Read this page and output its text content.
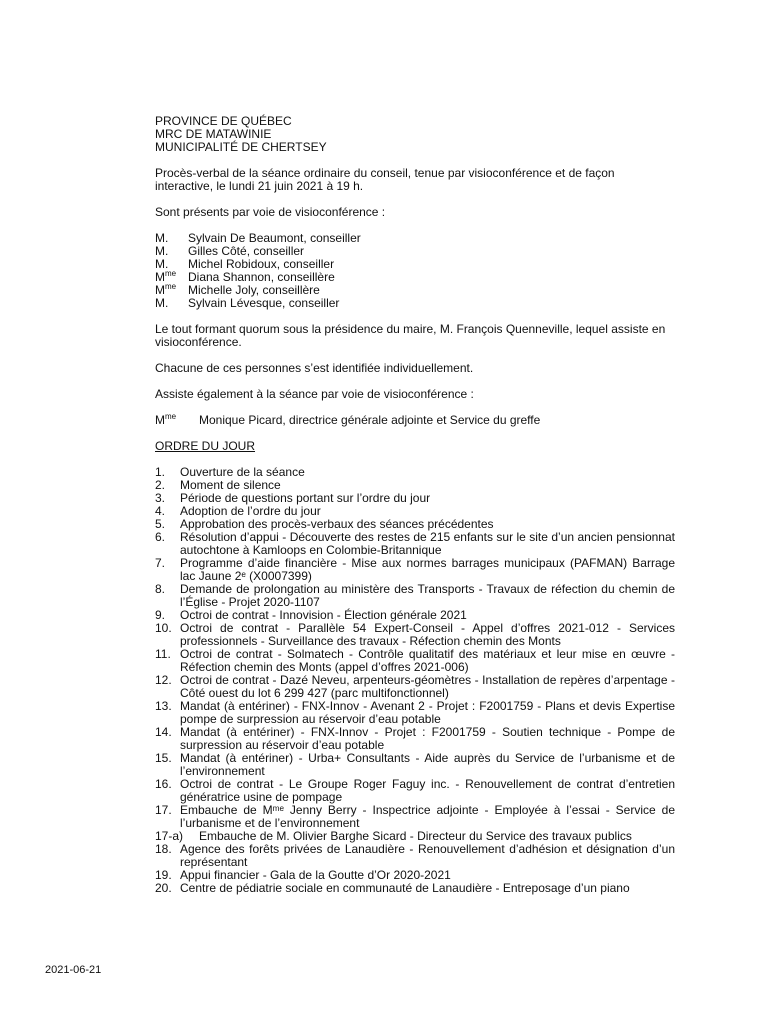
PROVINCE DE QUÉBEC
MRC DE MATAWINIE
MUNICIPALITÉ DE CHERTSEY
Procès-verbal de la séance ordinaire du conseil, tenue par visioconférence et de façon interactive, le lundi 21 juin 2021 à 19 h.
Sont présents par voie de visioconférence :
M.	Sylvain De Beaumont, conseiller
M.	Gilles Côté, conseiller
M.	Michel Robidoux, conseiller
$M^{me}$ Diana Shannon, conseillère
$M^{me}$ Michelle Joly, conseillère
M.	Sylvain Lévesque, conseiller
Le tout formant quorum sous la présidence du maire, M. François Quenneville, lequel assiste en visioconférence.
Chacune de ces personnes s’est identifiée individuellement.
Assiste également à la séance par voie de visioconférence :
$M^{me}$	Monique Picard, directrice générale adjointe et Service du greffe
ORDRE DU JOUR
1.	Ouverture de la séance
2.	Moment de silence
3.	Période de questions portant sur l’ordre du jour
4.	Adoption de l’ordre du jour
5.	Approbation des procès-verbaux des séances précédentes
6.	Résolution d’appui - Découverte des restes de 215 enfants sur le site d’un ancien pensionnat autochtone à Kamloops en Colombie-Britannique
7.	Programme d’aide financière - Mise aux normes barrages municipaux (PAFMAN) Barrage lac Jaune 2ᵉ (X0007399)
8.	Demande de prolongation au ministère des Transports - Travaux de réfection du chemin de l’Église - Projet 2020-1107
9.	Octroi de contrat - Innovision - Élection générale 2021
10. Octroi de contrat - Parallèle 54 Expert-Conseil - Appel d’offres 2021-012 - Services professionnels - Surveillance des travaux - Réfection chemin des Monts
11. Octroi de contrat - Solmatech - Contrôle qualitatif des matériaux et leur mise en œuvre - Réfection chemin des Monts (appel d’offres 2021-006)
12. Octroi de contrat - Dazé Neveu, arpenteurs-géomètres - Installation de repères d’arpentage - Côté ouest du lot 6 299 427 (parc multifonctionnel)
13. Mandat (à entériner) - FNX-Innov - Avenant 2 - Projet : F2001759 - Plans et devis Expertise pompe de surpression au réservoir d’eau potable
14. Mandat (à entériner) - FNX-Innov - Projet : F2001759 - Soutien technique - Pompe de surpression au réservoir d’eau potable
15. Mandat (à entériner) - Urba+ Consultants - Aide auprès du Service de l’urbanisme et de l’environnement
16. Octroi de contrat - Le Groupe Roger Faguy inc. - Renouvellement de contrat d’entretien génératrice usine de pompage
17. Embauche de Mᵐᵉ Jenny Berry - Inspectrice adjointe - Employée à l’essai - Service de l’urbanisme et de l’environnement
17-a)	Embauche de M. Olivier Barghe Sicard - Directeur du Service des travaux publics
18. Agence des forêts privées de Lanaudière - Renouvellement d’adhésion et désignation d’un représentant
19. Appui financier - Gala de la Goutte d’Or 2020-2021
20. Centre de pédiatrie sociale en communauté de Lanaudière - Entreposage d’un piano
2021-06-21
